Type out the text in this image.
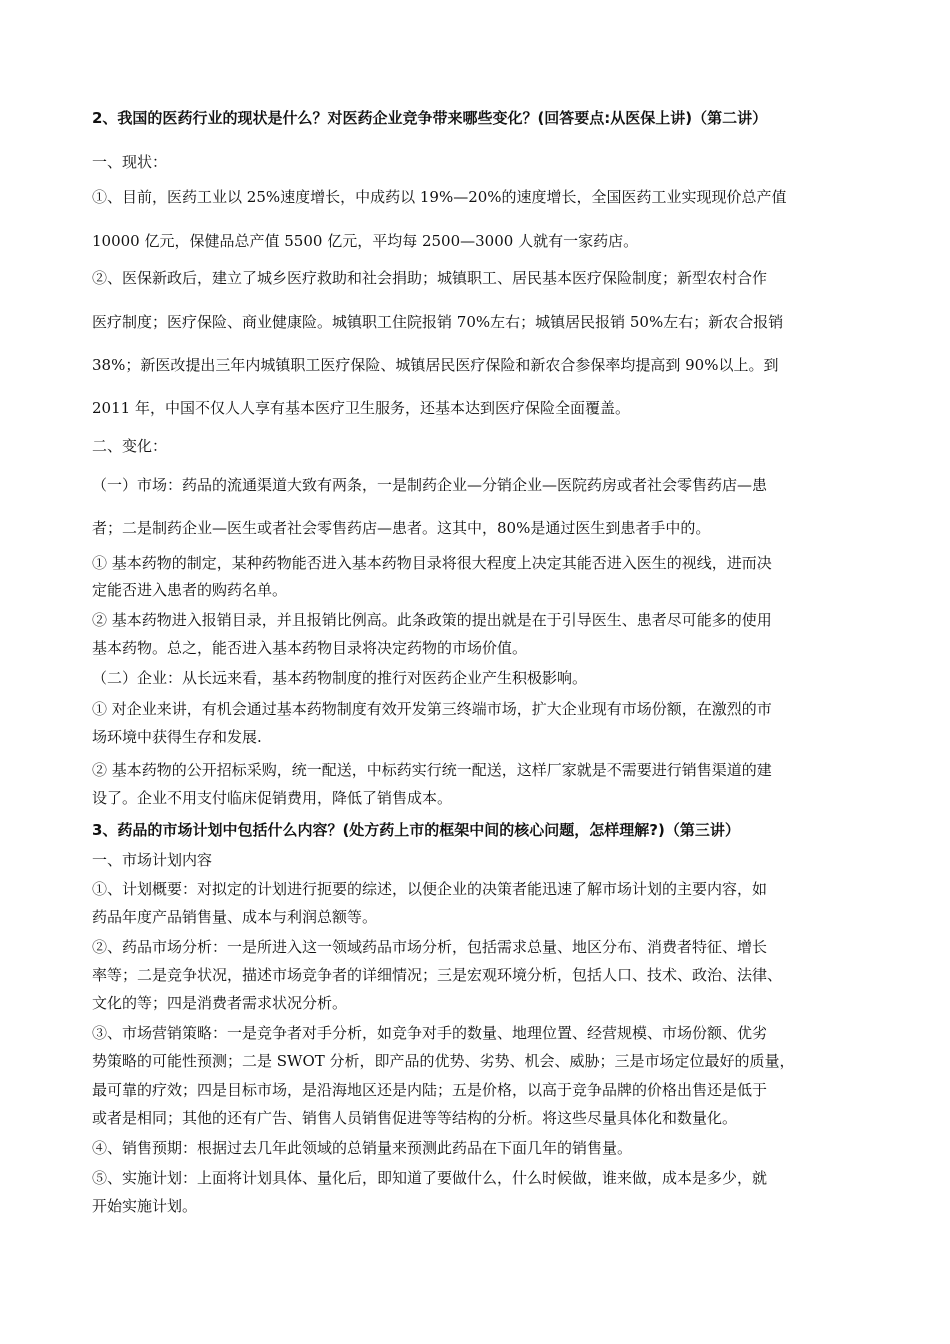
2、我国的医药行业的现状是什么？对医药企业竞争带来哪些变化？(回答要点:从医保上讲)（第二讲）
一、现状：
①、目前，医药工业以 25%速度增长，中成药以 19%—20%的速度增长，全国医药工业实现现价总产值
10000 亿元，保健品总产值 5500 亿元，平均每 2500—3000 人就有一家药店。
②、医保新政后，建立了城乡医疗救助和社会捐助；城镇职工、居民基本医疗保险制度；新型农村合作
医疗制度；医疗保险、商业健康险。城镇职工住院报销 70%左右；城镇居民报销 50%左右；新农合报销
38%；新医改提出三年内城镇职工医疗保险、城镇居民医疗保险和新农合参保率均提高到 90%以上。到
2011 年，中国不仅人人享有基本医疗卫生服务，还基本达到医疗保险全面覆盖。
二、变化：
（一）市场：药品的流通渠道大致有两条，一是制药企业—分销企业—医院药房或者社会零售药店—患
者；二是制药企业—医生或者社会零售药店—患者。这其中，80%是通过医生到患者手中的。
① 基本药物的制定，某种药物能否进入基本药物目录将很大程度上决定其能否进入医生的视线，进而决
定能否进入患者的购药名单。
② 基本药物进入报销目录，并且报销比例高。此条政策的提出就是在于引导医生、患者尽可能多的使用
基本药物。总之，能否进入基本药物目录将决定药物的市场价值。
（二）企业：从长远来看，基本药物制度的推行对医药企业产生积极影响。
① 对企业来讲，有机会通过基本药物制度有效开发第三终端市场，扩大企业现有市场份额，在激烈的市
场环境中获得生存和发展.
② 基本药物的公开招标采购，统一配送，中标药实行统一配送，这样厂家就是不需要进行销售渠道的建
设了。企业不用支付临床促销费用，降低了销售成本。
3、药品的市场计划中包括什么内容？(处方药上市的框架中间的核心问题，怎样理解?)（第三讲）
一、市场计划内容
①、计划概要：对拟定的计划进行扼要的综述，以便企业的决策者能迅速了解市场计划的主要内容，如
药品年度产品销售量、成本与利润总额等。
②、药品市场分析：一是所进入这一领域药品市场分析，包括需求总量、地区分布、消费者特征、增长
率等；二是竞争状况，描述市场竞争者的详细情况；三是宏观环境分析，包括人口、技术、政治、法律、
文化的等；四是消费者需求状况分析。
③、市场营销策略：一是竞争者对手分析，如竞争对手的数量、地理位置、经营规模、市场份额、优劣
势策略的可能性预测；二是 SWOT 分析，即产品的优势、劣势、机会、威胁；三是市场定位最好的质量，
最可靠的疗效；四是目标市场，是沿海地区还是内陆；五是价格，以高于竞争品牌的价格出售还是低于
或者是相同；其他的还有广告、销售人员销售促进等等结构的分析。将这些尽量具体化和数量化。
④、销售预期：根据过去几年此领域的总销量来预测此药品在下面几年的销售量。
⑤、实施计划：上面将计划具体、量化后，即知道了要做什么，什么时候做，谁来做，成本是多少，就
开始实施计划。
